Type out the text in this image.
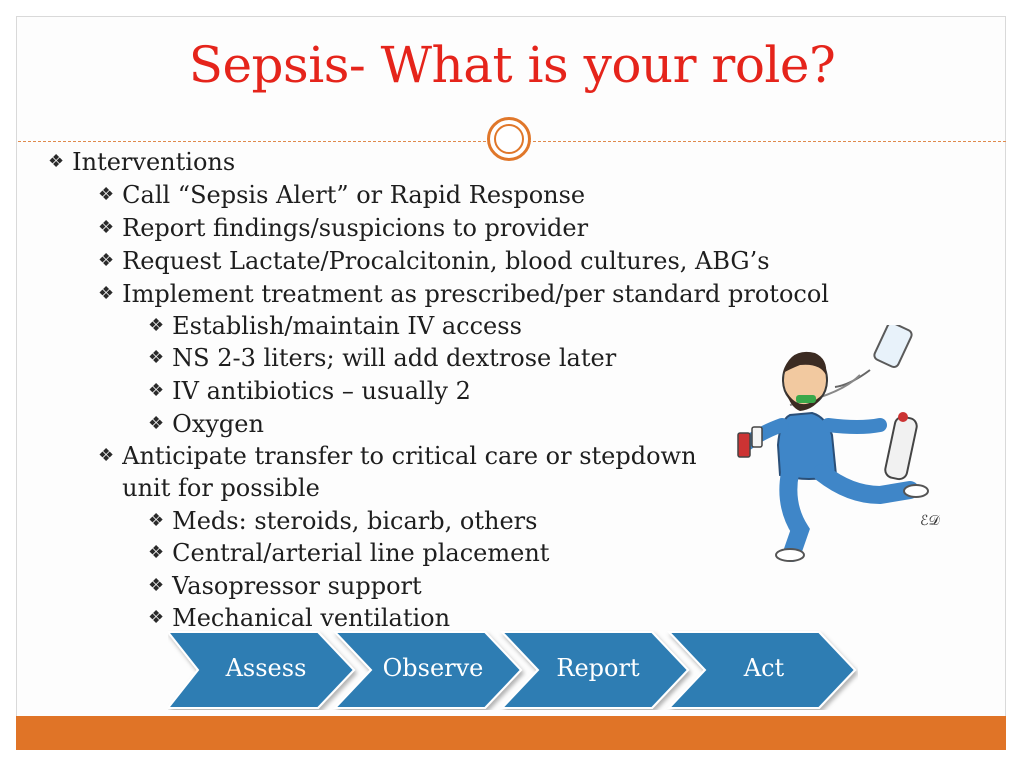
Sepsis- What is your role?
❖ Interventions
❖ Call “Sepsis Alert” or Rapid Response
❖ Report findings/suspicions to provider
❖ Request Lactate/Procalcitonin, blood cultures, ABG’s
❖ Implement treatment as prescribed/per standard protocol
❖ Establish/maintain IV access
❖ NS 2-3 liters; will add dextrose later
❖ IV antibiotics – usually 2
❖ Oxygen
❖ Anticipate transfer to critical care or stepdown unit for possible
❖ Meds: steroids, bicarb, others
❖ Central/arterial line placement
❖ Vasopressor support
❖ Mechanical ventilation
ℰ𝒟
Assess	Observe	Report	Act
